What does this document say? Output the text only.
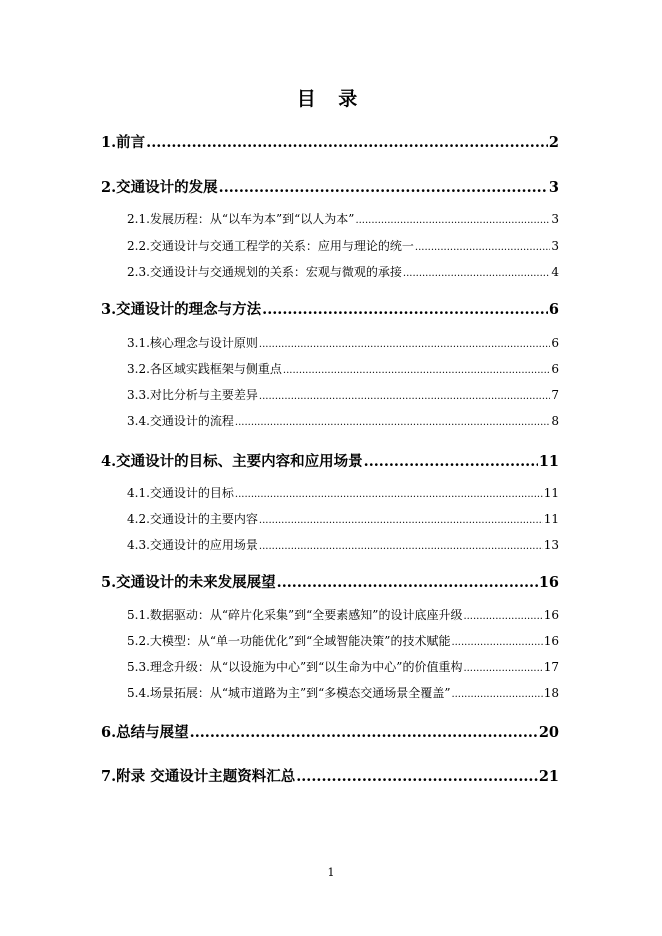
目 录
1. 前言 .....	2
2. 交通设计的发展 .....	3
2.1. 发展历程：从“以车为本”到“以人为本” .....	3
2.2. 交通设计与交通工程学的关系：应用与理论的统一 .....	3
2.3. 交通设计与交通规划的关系：宏观与微观的承接 .....	4
3. 交通设计的理念与方法 .....	6
3.1. 核心理念与设计原则 .....	6
3.2. 各区域实践框架与侧重点 .....	6
3.3. 对比分析与主要差异 .....	7
3.4. 交通设计的流程 .....	8
4. 交通设计的目标、主要内容和应用场景 .....	11
4.1. 交通设计的目标 .....	11
4.2. 交通设计的主要内容 .....	11
4.3. 交通设计的应用场景 .....	13
5. 交通设计的未来发展展望 .....	16
5.1. 数据驱动：从“碎片化采集”到“全要素感知”的设计底座升级 .....	16
5.2. 大模型：从“单一功能优化”到“全域智能决策”的技术赋能 .....	16
5.3. 理念升级：从“以设施为中心”到“以生命为中心”的价值重构 .....	17
5.4. 场景拓展：从“城市道路为主”到“多模态交通场景全覆盖” .....	18
6. 总结与展望 .....	20
7. 附录 交通设计主题资料汇总 .....	21
1
